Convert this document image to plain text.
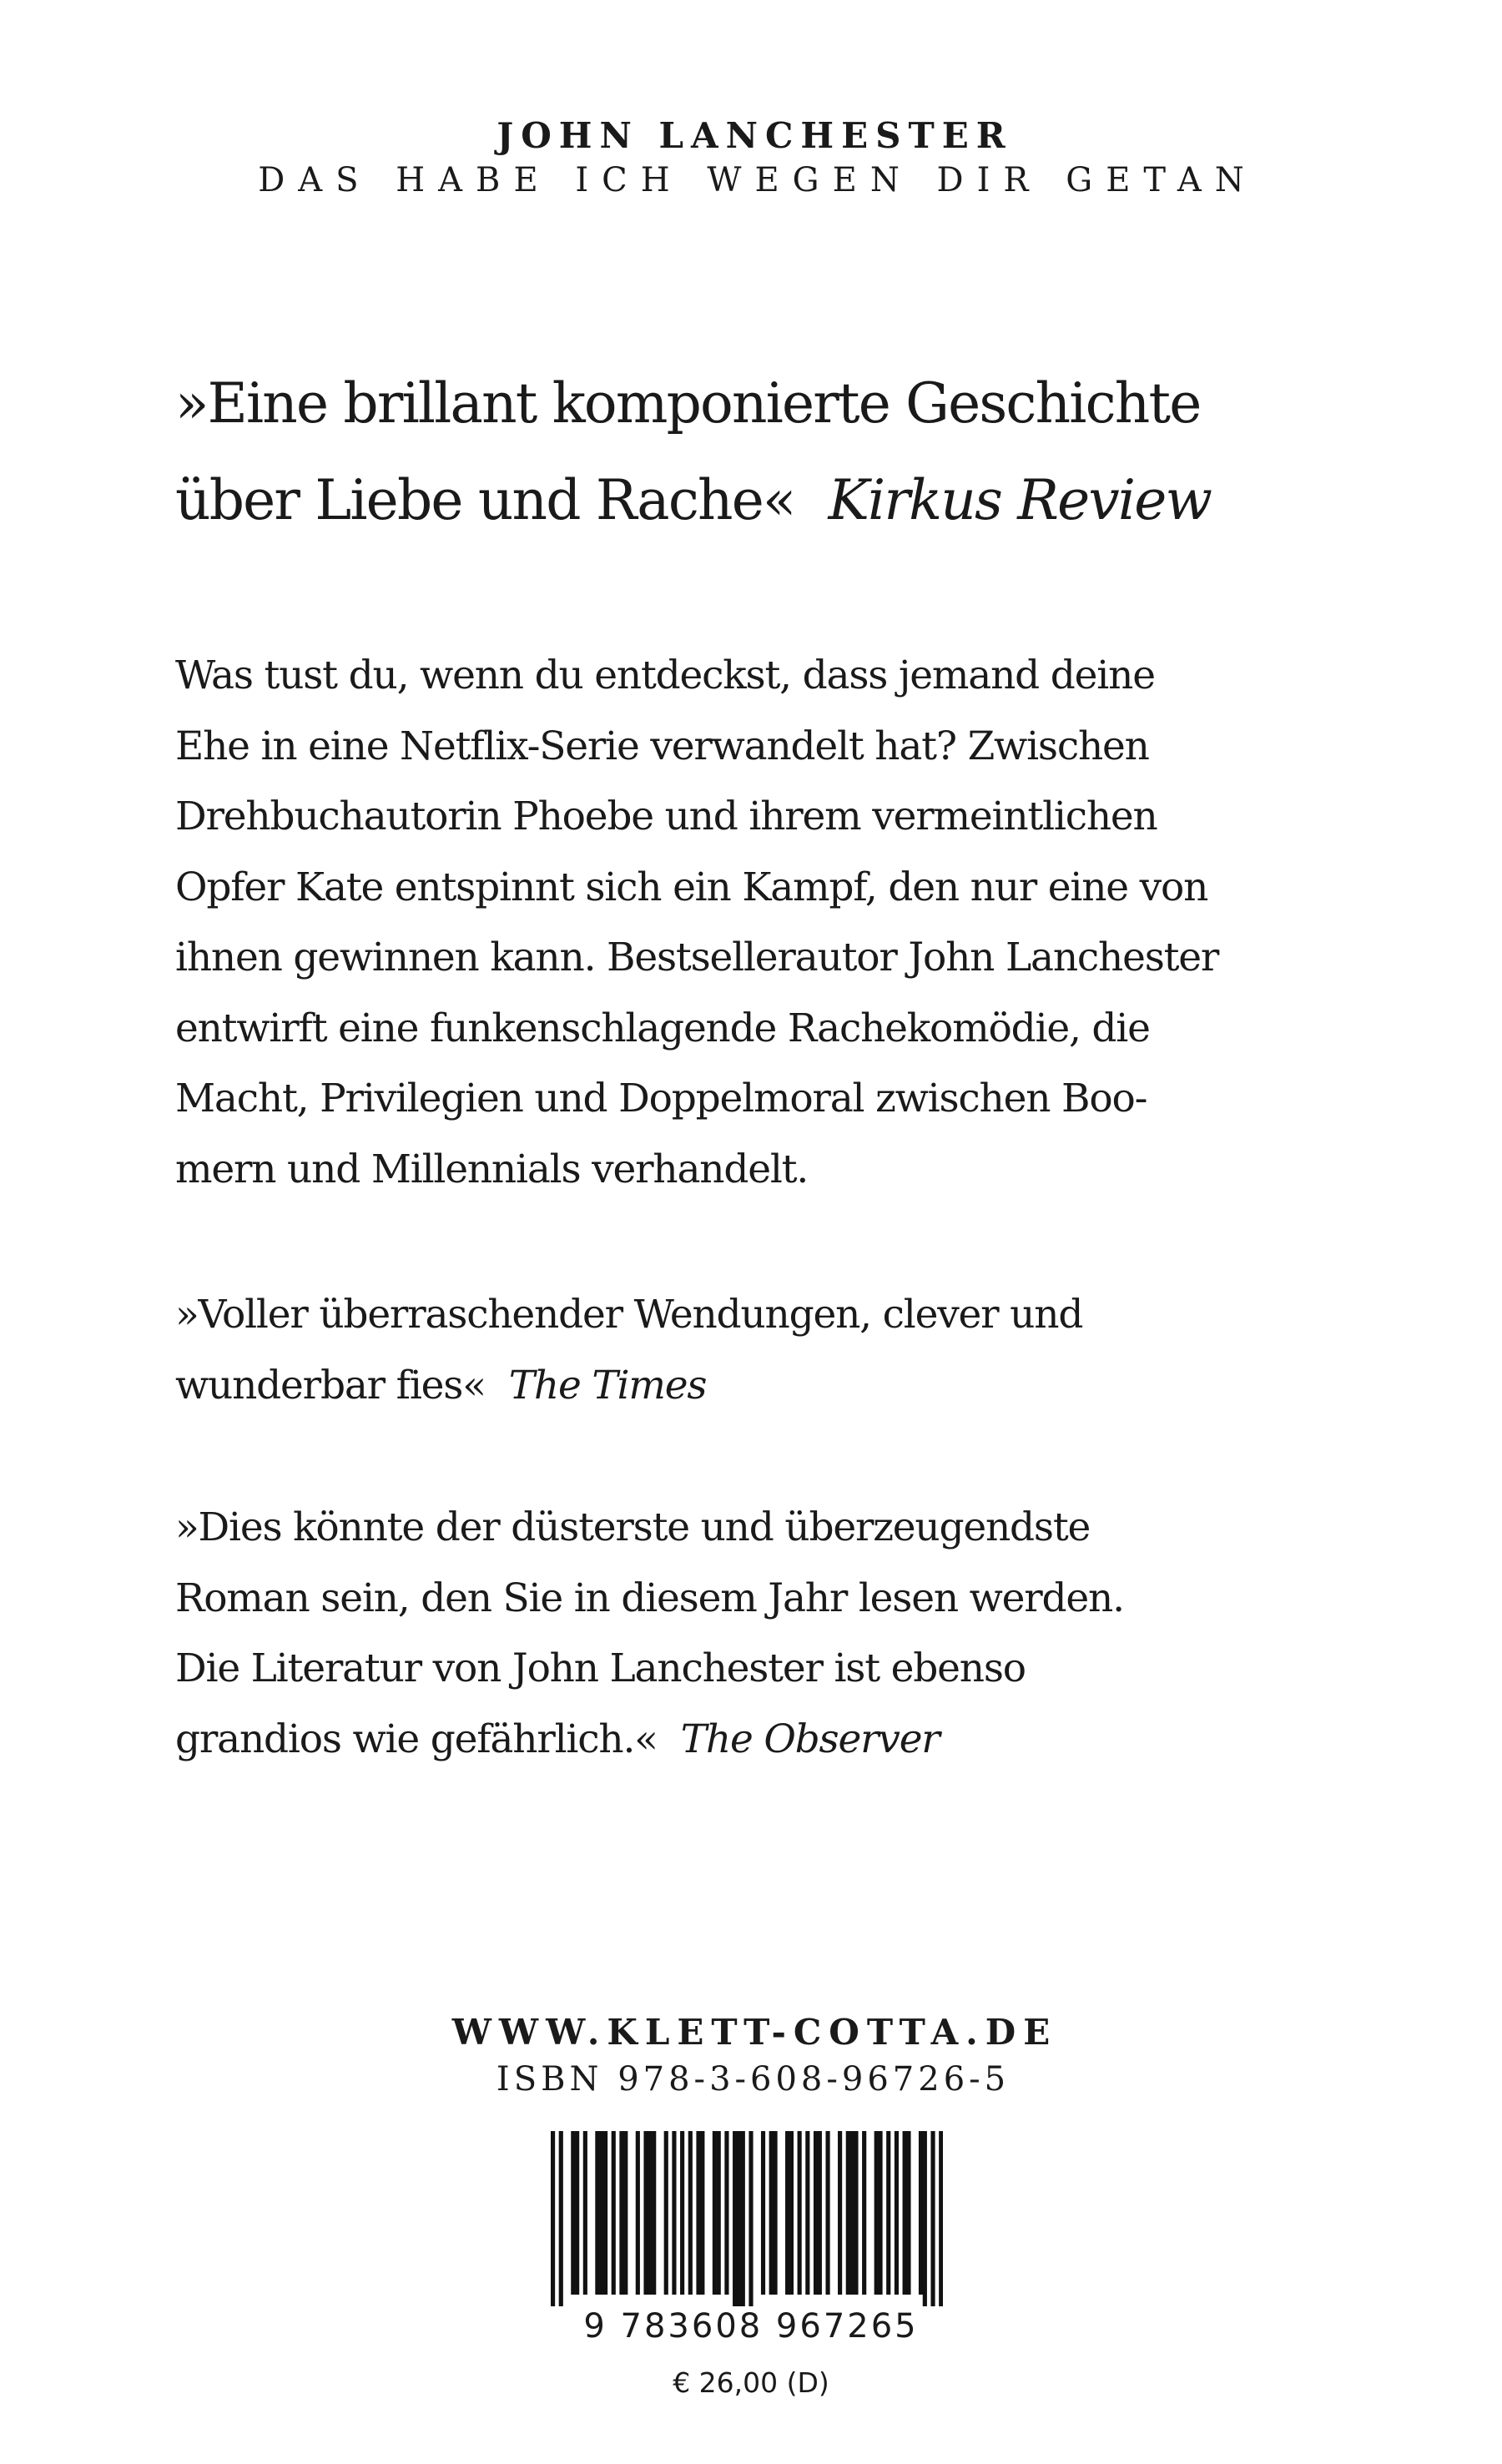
JOHN LANCHESTER
DAS HABE ICH WEGEN DIR GETAN
»Eine brillant komponierte Geschichte
über Liebe und Rache« Kirkus Review
Was tust du, wenn du entdeckst, dass jemand deine
Ehe in eine Netflix-Serie verwandelt hat? Zwischen
Drehbuchautorin Phoebe und ihrem vermeintlichen
Opfer Kate entspinnt sich ein Kampf, den nur eine von
ihnen gewinnen kann. Bestsellerautor John Lanchester
entwirft eine funkenschlagende Rachekomödie, die
Macht, Privilegien und Doppelmoral zwischen Boo-
mern und Millennials verhandelt.
»Voller überraschender Wendungen, clever und
wunderbar fies« The Times
»Dies könnte der düsterste und überzeugendste
Roman sein, den Sie in diesem Jahr lesen werden.
Die Literatur von John Lanchester ist ebenso
grandios wie gefährlich.« The Observer
WWW.KLETT-COTTA.DE
ISBN 978-3-608-96726-5
9 783608 967265
€ 26,00 (D)
